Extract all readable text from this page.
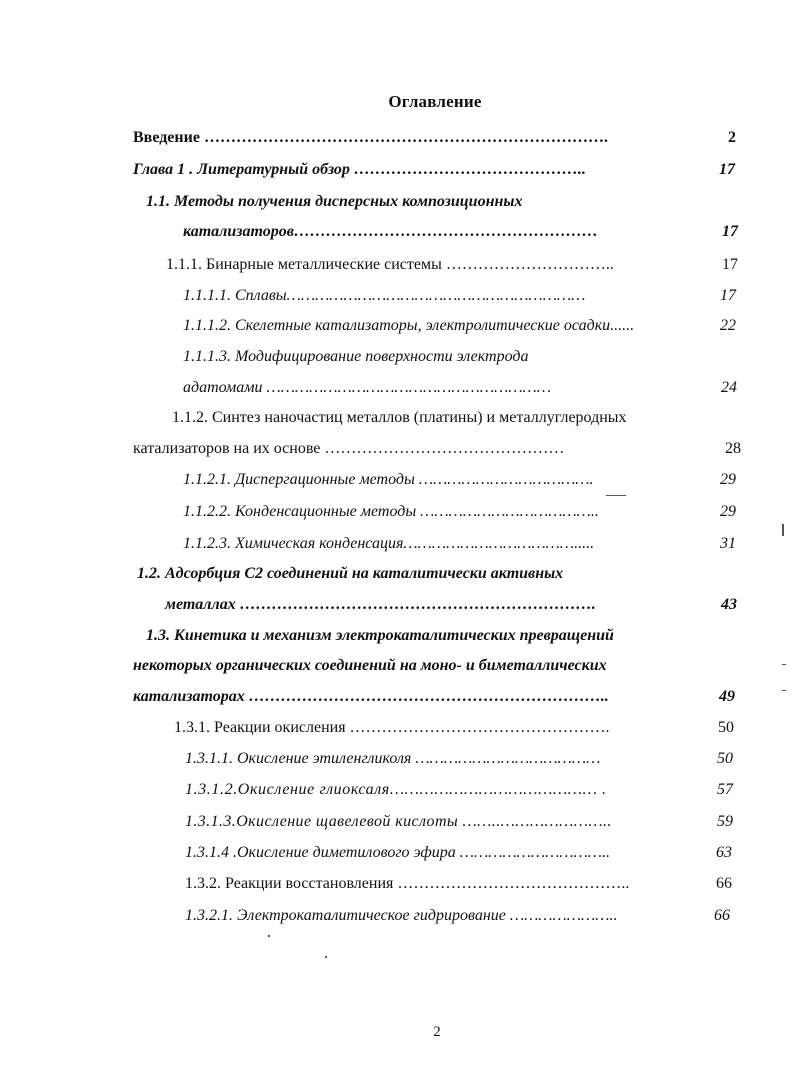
Оглавление
Введение ………………………………………………………………….	2
Глава 1 . Литературный обзор ……………………………………..	17
1.1. Методы получения дисперсных композиционных
катализаторов…………………………………………………	17
1.1.1. Бинарные металлические системы …………………………..	17
1.1.1.1. Сплавы………………………………………………………	17
1.1.1.2. Скелетные катализаторы, электролитические осадки......	22
1.1.1.3. Модифицирование поверхности электрода
адатомами ……………………………………………………	24
1.1.2. Синтез наночастиц металлов (платины) и металлуглеродных
катализаторов на их основе ………………………………………	28
1.1.2.1. Диспергационные методы ……………………………….	29
1.1.2.2. Конденсационные методы ………………………………..	29
1.1.2.3. Химическая конденсация……………………………….....	31
1.2. Адсорбция С2 соединений на каталитически активных
металлах ………………………………………………………….	43
1.3. Кинетика и механизм электрокаталитических превращений
некоторых органических соединений на моно- и биметаллических
катализаторах …………………………………………………………..	49
1.3.1. Реакции окисления ………………………………………….	50
1.3.1.1. Окисление этиленгликоля …………………………………	50
1.3.1.2.Окисление глиоксаля…………………………………… .	57
1.3.1.3.Окисление щавелевой кислоты ……..…………………..	59
1.3.1.4 .Окисление диметилового эфира …………………………..	63
1.3.2. Реакции восстановления ……………………………………..	66
1.3.2.1. Электрокаталитическое гидрирование …………………..	66
2
